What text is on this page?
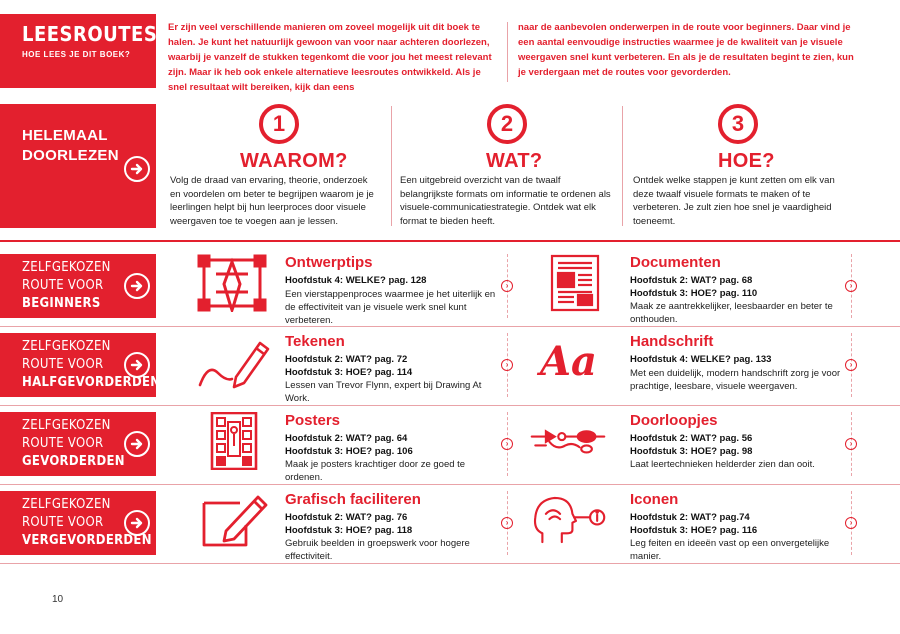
LEESROUTES
HOE LEES JE DIT BOEK?
Er zijn veel verschillende manieren om zoveel mogelijk uit dit boek te halen. Je kunt het natuurlijk gewoon van voor naar achteren doorlezen, waarbij je vanzelf de stukken tegenkomt die voor jou het meest relevant zijn. Maar ik heb ook enkele alternatieve leesroutes ontwikkeld. Als je snel resultaat wilt bereiken, kijk dan eens
naar de aanbevolen onderwerpen in de route voor beginners. Daar vind je een aantal eenvoudige instructies waarmee je de kwaliteit van je visuele weergaven snel kunt verbeteren. En als je de resultaten begint te zien, kun je verdergaan met de routes voor gevorderden.
HELEMAAL
DOORLEZEN
1
WAAROM?
Volg de draad van ervaring, theorie, onderzoek en voordelen om beter te begrijpen waarom je je leerlingen helpt bij hun leerproces door visuele weergaven toe te voegen aan je lessen.
2
WAT?
Een uitgebreid overzicht van de twaalf belangrijkste formats om informatie te ordenen als visuele-communicatiestrategie. Ontdek wat elk format te bieden heeft.
3
HOE?
Ontdek welke stappen je kunt zetten om elk van deze twaalf visuele formats te maken of te verbeteren. Je zult zien hoe snel je vaardigheid toeneemt.
ZELFGEKOZEN
ROUTE VOOR
BEGINNERS
Ontwerptips
Hoofdstuk 4: WELKE? pag. 128
Een vierstappenproces waarmee je het uiterlijk en de effectiviteit van je visuele werk snel kunt verbeteren.
›
Documenten
Hoofdstuk 2: WAT? pag. 68
Hoofdstuk 3: HOE? pag. 110
Maak ze aantrekkelijker, leesbaarder en beter te onthouden.
›
ZELFGEKOZEN
ROUTE VOOR
HALFGEVORDERDEN
Tekenen
Hoofdstuk 2: WAT? pag. 72
Hoofdstuk 3: HOE? pag. 114
Lessen van Trevor Flynn, expert bij Drawing At Work.
› Aa Handschrift
Hoofdstuk 4: WELKE? pag. 133
Met een duidelijk, modern handschrift zorg je voor prachtige, leesbare, visuele weergaven.
›
ZELFGEKOZEN
ROUTE VOOR
GEVORDERDEN
Posters
Hoofdstuk 2: WAT? pag. 64
Hoofdstuk 3: HOE? pag. 106
Maak je posters krachtiger door ze goed te ordenen.
›
Doorloopjes
Hoofdstuk 2: WAT? pag. 56
Hoofdstuk 3: HOE? pag. 98
Laat leertechnieken helderder zien dan ooit.
›
ZELFGEKOZEN
ROUTE VOOR
VERGEVORDERDEN
Grafisch faciliteren
Hoofdstuk 2: WAT? pag. 76
Hoofdstuk 3: HOE? pag. 118
Gebruik beelden in groepswerk voor hogere effectiviteit.
›
Iconen
Hoofdstuk 2: WAT? pag.74
Hoofdstuk 3: HOE? pag. 116
Leg feiten en ideeën vast op een onvergetelijke manier.
›
10
